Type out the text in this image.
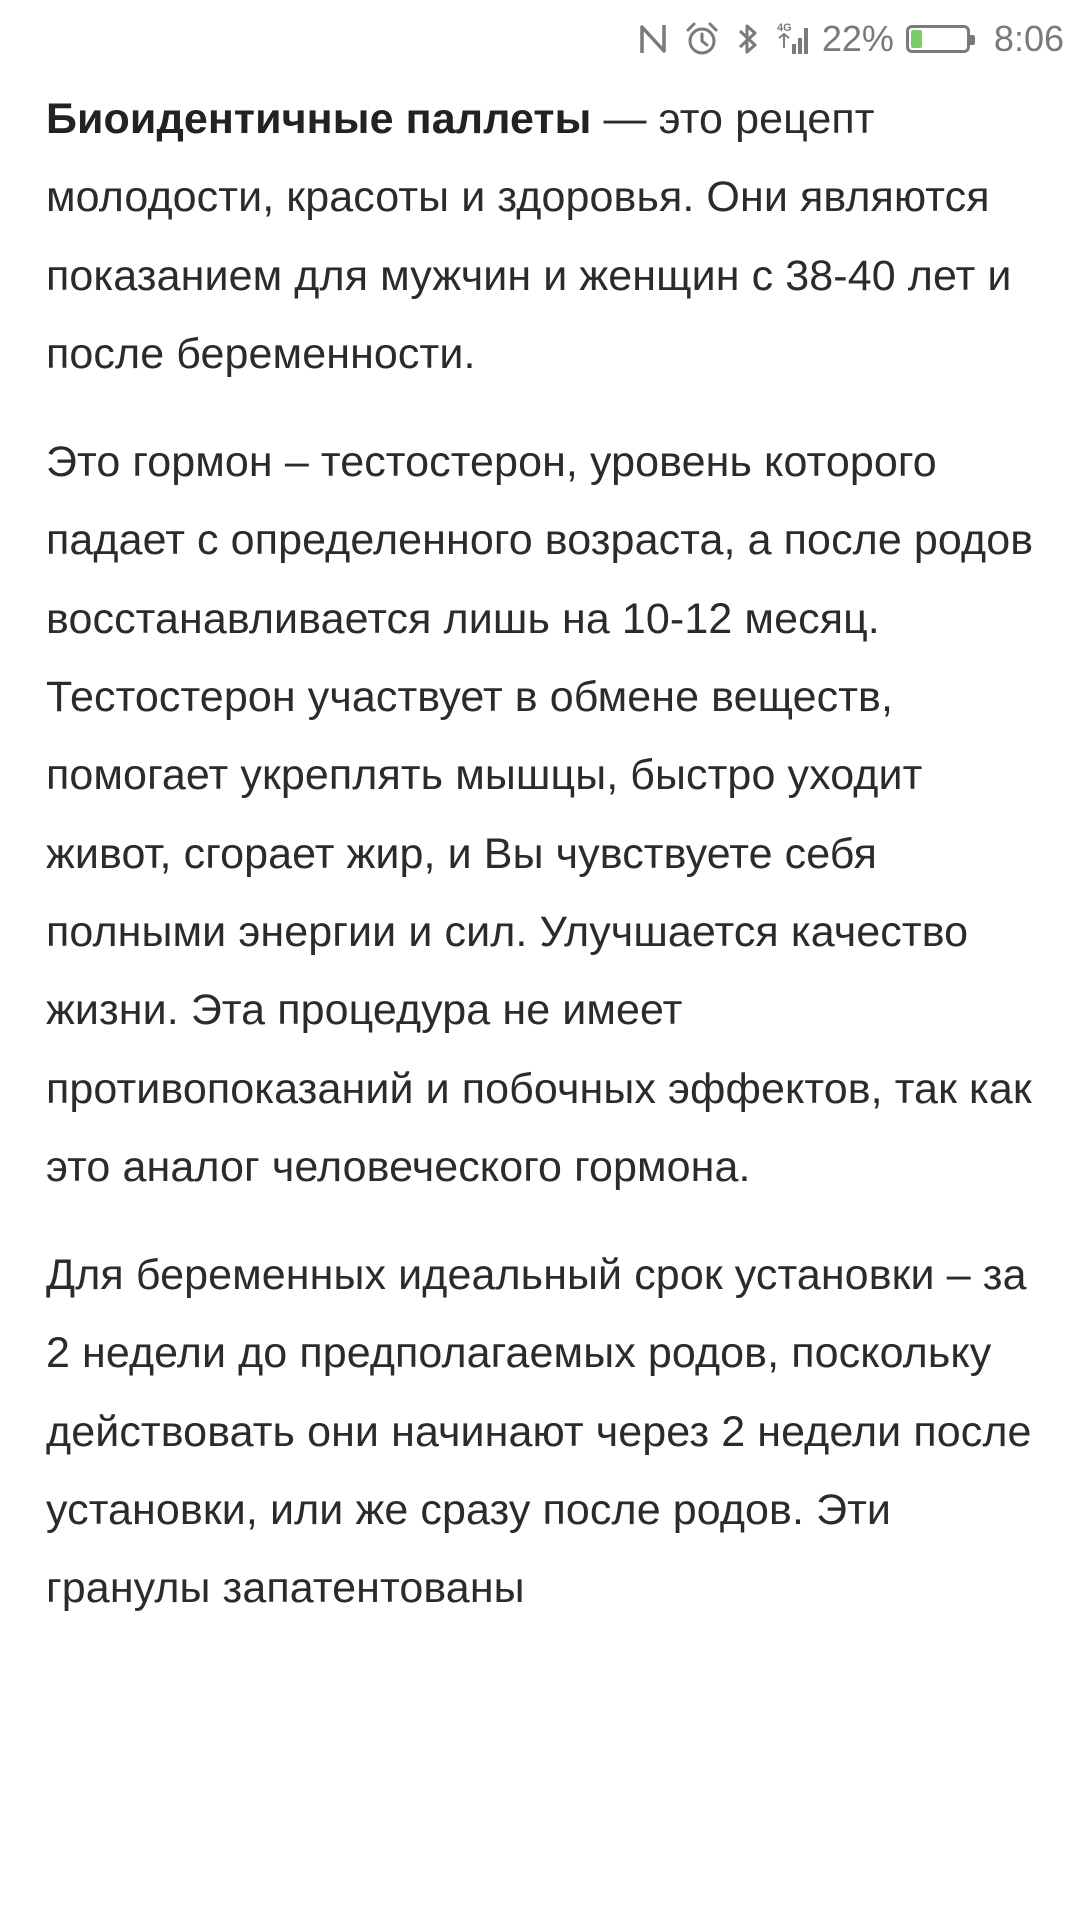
4G 22%	8:06

Биоидентичные паллеты — это рецепт молодости, красоты и здоровья. Они являются показанием для мужчин и женщин с 38-40 лет и после беременности.

Это гормон – тестостерон, уровень которого падает с определенного возраста, а после родов восстанавливается лишь на 10-12 месяц. Тестостерон участвует в обмене веществ, помогает укреплять мышцы, быстро уходит живот, сгорает жир, и Вы чувствуете себя полными энергии и сил. Улучшается качество жизни. Эта процедура не имеет противопоказаний и побочных эффектов, так как это аналог человеческого гормона.

Для беременных идеальный срок установки – за 2 недели до предполагаемых родов, поскольку действовать они начинают через 2 недели после установки, или же сразу после родов. Эти гранулы запатентованы
